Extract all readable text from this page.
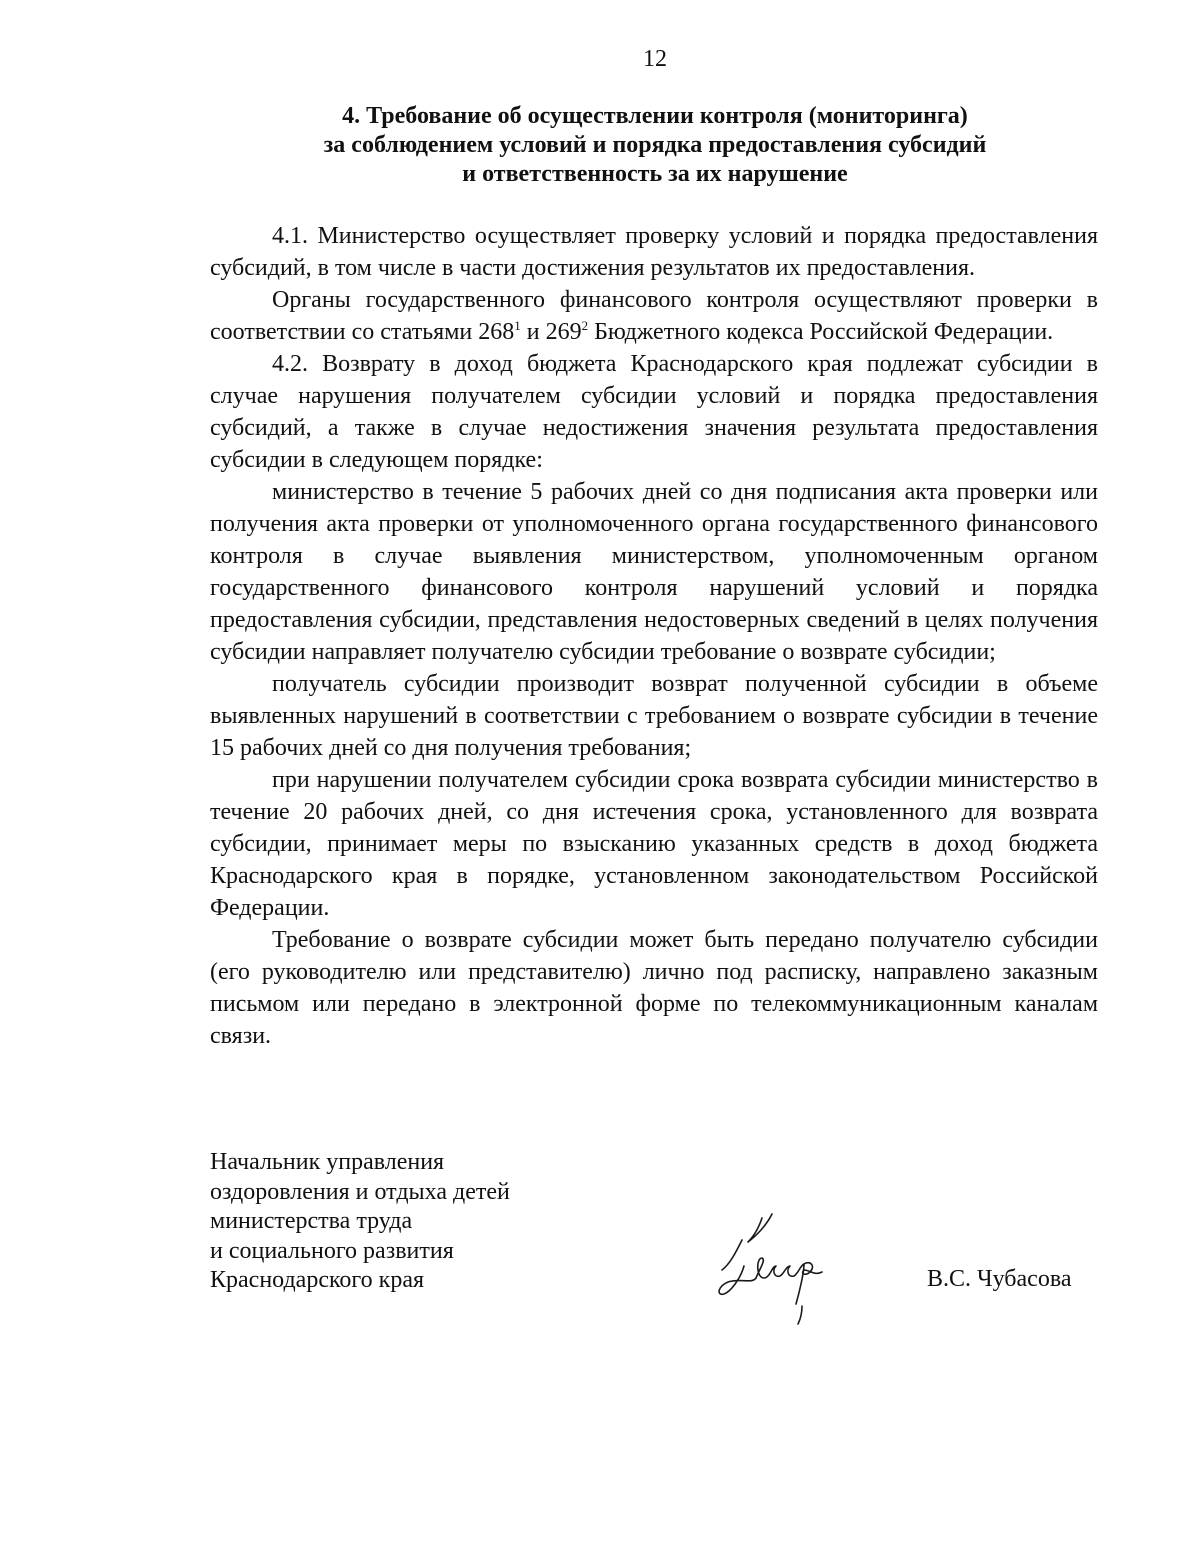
12
4. Требование об осуществлении контроля (мониторинга)
за соблюдением условий и порядка предоставления субсидий
и ответственность за их нарушение

4.1. Министерство осуществляет проверку условий и порядка предоставления субсидий, в том числе в части достижения результатов их предоставления.

Органы государственного финансового контроля осуществляют проверки в соответствии со статьями $268^1$ и $269^2$ Бюджетного кодекса Российской Федерации.

4.2. Возврату в доход бюджета Краснодарского края подлежат субсидии в случае нарушения получателем субсидии условий и порядка предоставления субсидий, а также в случае недостижения значения результата предоставления субсидии в следующем порядке:

министерство в течение 5 рабочих дней со дня подписания акта проверки или получения акта проверки от уполномоченного органа государственного финансового контроля в случае выявления министерством, уполномоченным органом государственного финансового контроля нарушений условий и порядка предоставления субсидии, представления недостоверных сведений в целях получения субсидии направляет получателю субсидии требование о возврате субсидии;

получатель субсидии производит возврат полученной субсидии в объеме выявленных нарушений в соответствии с требованием о возврате субсидии в течение 15 рабочих дней со дня получения требования;

при нарушении получателем субсидии срока возврата субсидии министерство в течение 20 рабочих дней, со дня истечения срока, установленного для возврата субсидии, принимает меры по взысканию указанных средств в доход бюджета Краснодарского края в порядке, установленном законодательством Российской Федерации.

Требование о возврате субсидии может быть передано получателю субсидии (его руководителю или представителю) лично под расписку, направлено заказным письмом или передано в электронной форме по телекоммуникационным каналам связи.

Начальник управления
оздоровления и отдыха детей
министерства труда
и социального развития
Краснодарского края	В.С. Чубасова
